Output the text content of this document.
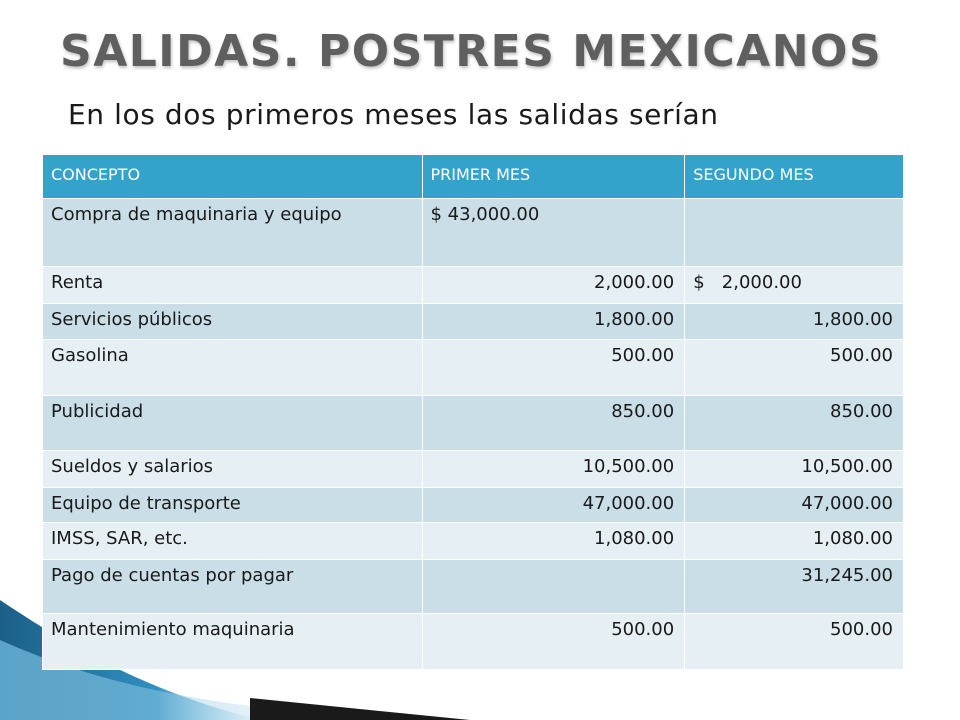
SALIDAS. POSTRES MEXICANOS

En los dos primeros meses las salidas serían

CONCEPTO	PRIMER MES	SEGUNDO MES
Compra de maquinaria y equipo	$ 43,000.00	
Renta	2,000.00	$   2,000.00
Servicios públicos	1,800.00	1,800.00
Gasolina	500.00	500.00
Publicidad	850.00	850.00
Sueldos y salarios	10,500.00	10,500.00
Equipo de transporte	47,000.00	47,000.00
IMSS, SAR, etc.	1,080.00	1,080.00
Pago de cuentas por pagar		31,245.00
Mantenimiento maquinaria	500.00	500.00
